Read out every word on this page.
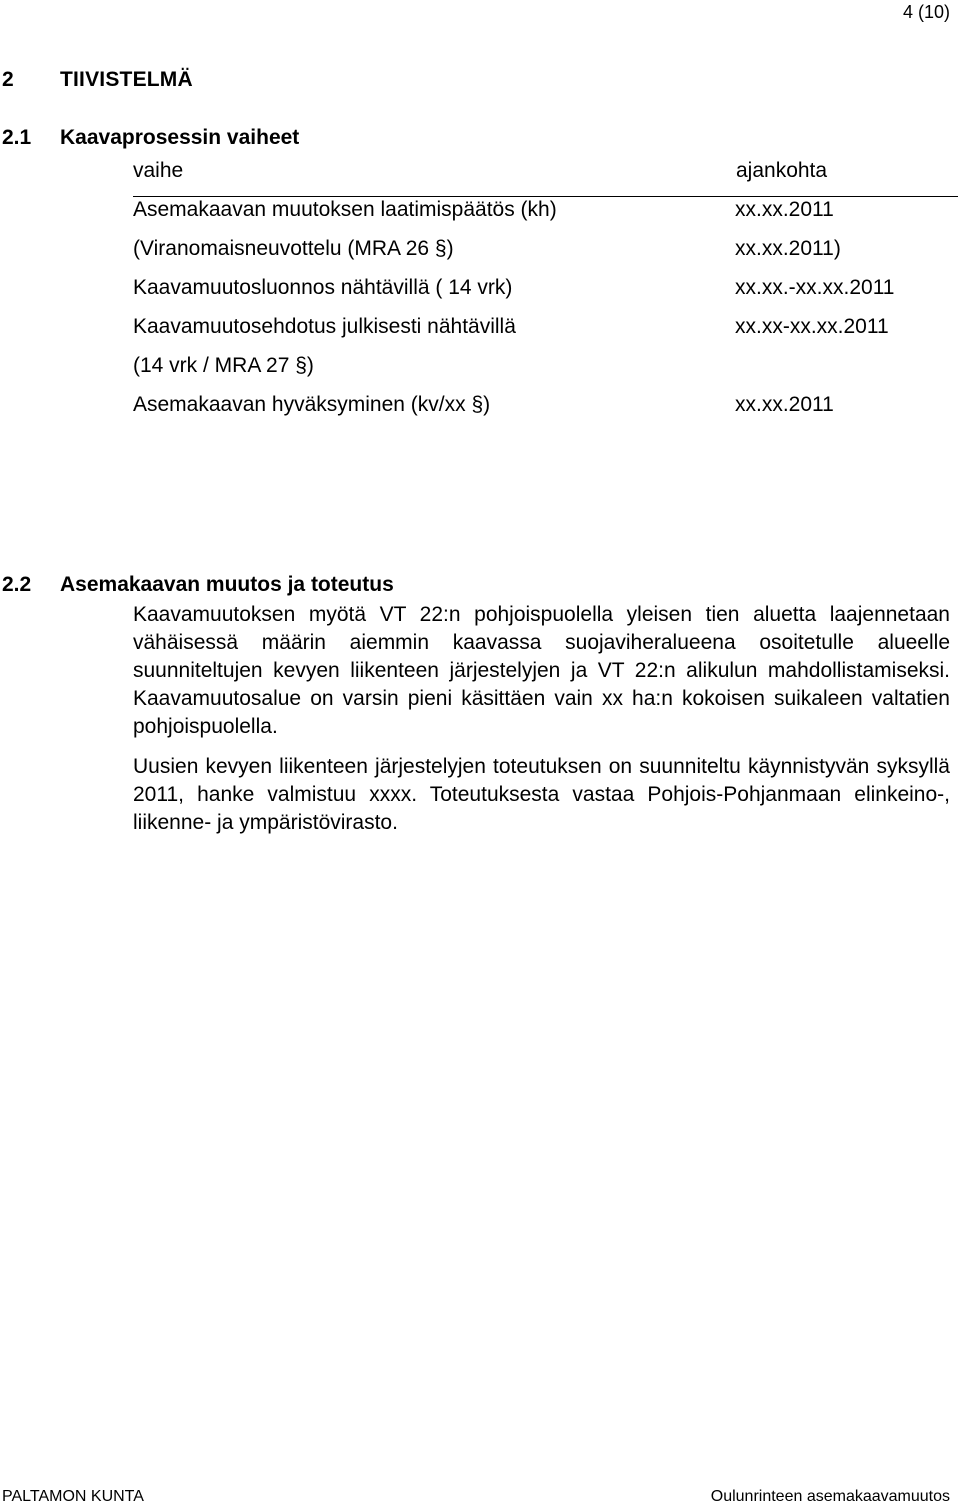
4 (10)
2 TIIVISTELMÄ
2.1 Kaavaprosessin vaiheet
vaihe	ajankohta
Asemakaavan muutoksen laatimispäätös (kh)	xx.xx.2011
(Viranomaisneuvottelu (MRA 26 §)	xx.xx.2011)
Kaavamuutosluonnos nähtävillä ( 14 vrk)	xx.xx.-xx.xx.2011
Kaavamuutosehdotus julkisesti nähtävillä	xx.xx-xx.xx.2011
(14 vrk / MRA 27 §)
Asemakaavan hyväksyminen (kv/xx §)	xx.xx.2011
2.2 Asemakaavan muutos ja toteutus

Kaavamuutoksen myötä VT 22:n pohjoispuolella yleisen tien aluetta laajennetaan vähäisessä määrin aiemmin kaavassa suojaviheralueena osoitetulle alueelle suunniteltujen kevyen liikenteen järjestelyjen ja VT 22:n alikulun mahdollistamiseksi. Kaavamuutosalue on varsin pieni käsittäen vain xx ha:n kokoisen suikaleen valtatien pohjoispuolella.

Uusien kevyen liikenteen järjestelyjen toteutuksen on suunniteltu käynnistyvän syksyllä 2011, hanke valmistuu xxxx. Toteutuksesta vastaa Pohjois-Pohjanmaan elinkeino-, liikenne- ja ympäristövirasto.

PALTAMON KUNTA	Oulunrinteen asemakaavamuutos
